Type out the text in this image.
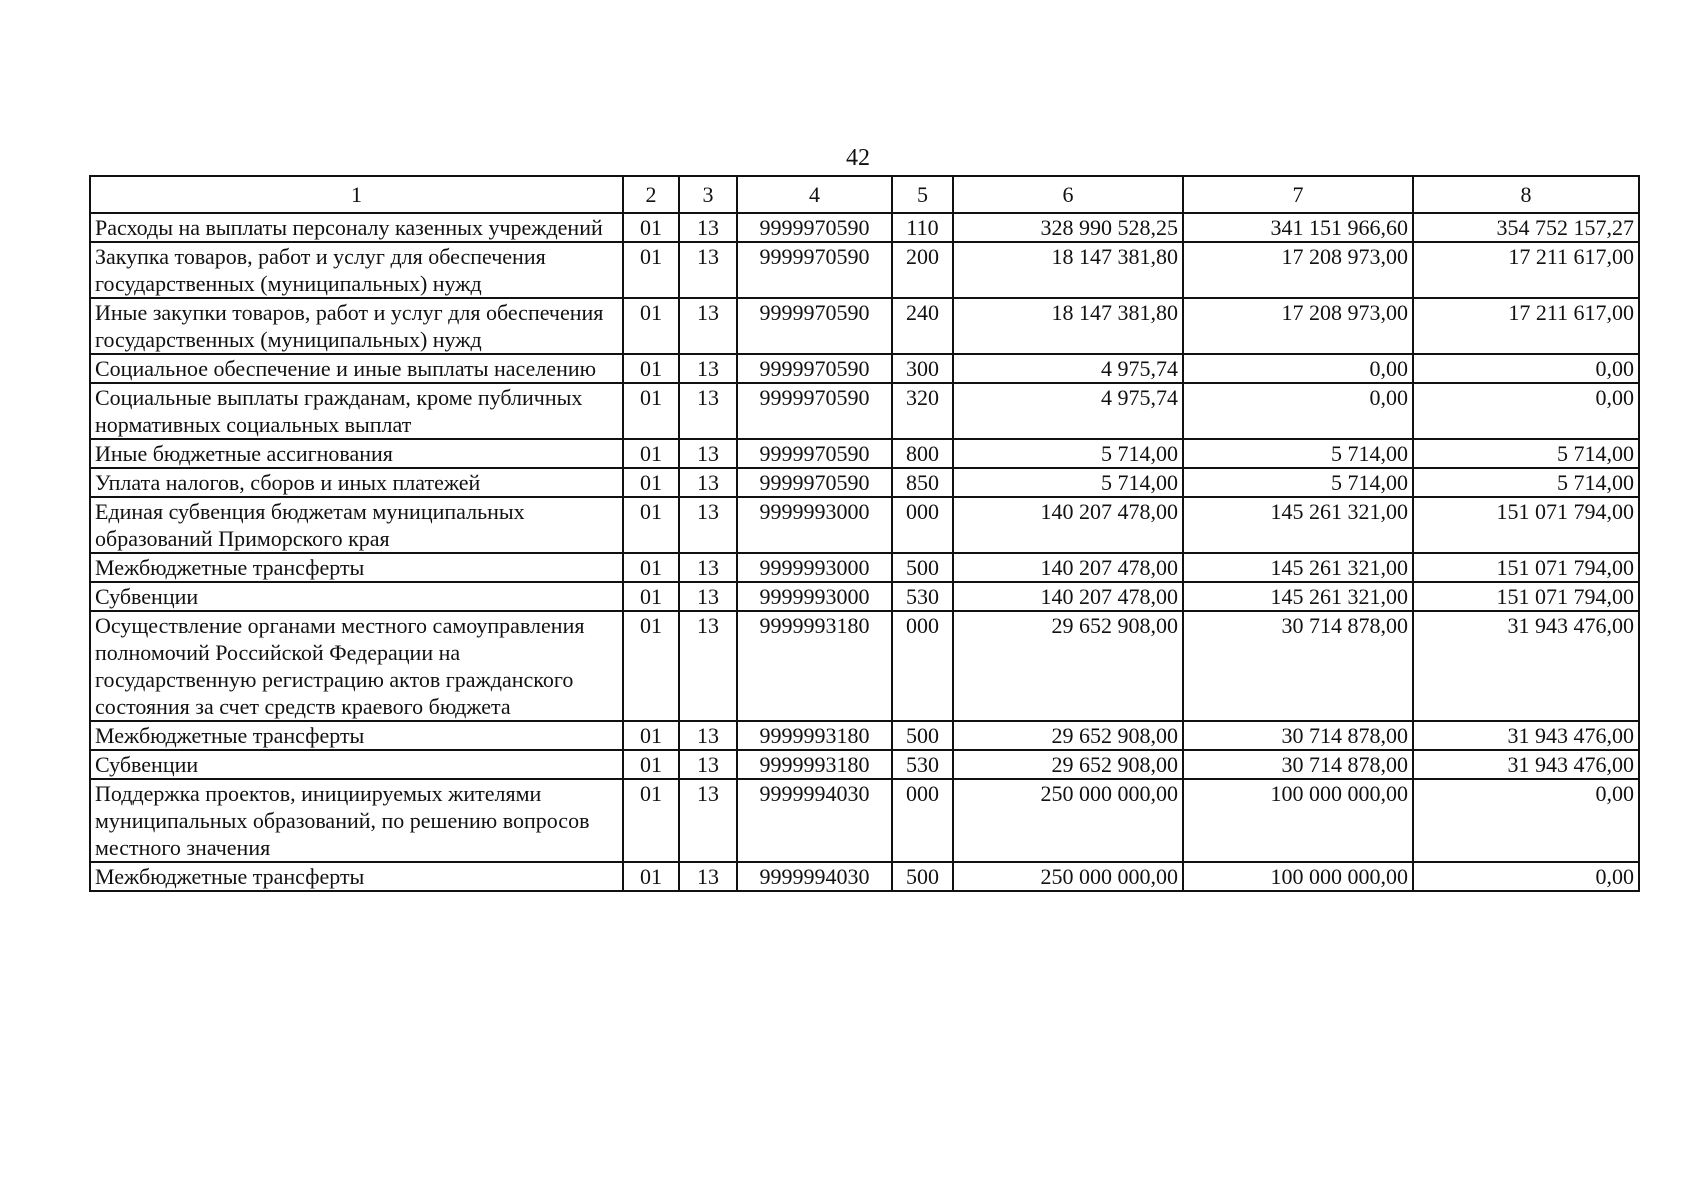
42
1	2	3	4	5	6	7	8
Расходы на выплаты персоналу казенных учреждений	01	13	9999970590	110	328 990 528,25	341 151 966,60	354 752 157,27
Закупка товаров, работ и услуг для обеспечения государственных (муниципальных) нужд	01	13	9999970590	200	18 147 381,80	17 208 973,00	17 211 617,00
Иные закупки товаров, работ и услуг для обеспечения государственных (муниципальных) нужд	01	13	9999970590	240	18 147 381,80	17 208 973,00	17 211 617,00
Социальное обеспечение и иные выплаты населению	01	13	9999970590	300	4 975,74	0,00	0,00
Социальные выплаты гражданам, кроме публичных нормативных социальных выплат	01	13	9999970590	320	4 975,74	0,00	0,00
Иные бюджетные ассигнования	01	13	9999970590	800	5 714,00	5 714,00	5 714,00
Уплата налогов, сборов и иных платежей	01	13	9999970590	850	5 714,00	5 714,00	5 714,00
Единая субвенция бюджетам муниципальных образований Приморского края	01	13	9999993000	000	140 207 478,00	145 261 321,00	151 071 794,00
Межбюджетные трансферты	01	13	9999993000	500	140 207 478,00	145 261 321,00	151 071 794,00
Субвенции	01	13	9999993000	530	140 207 478,00	145 261 321,00	151 071 794,00
Осуществление органами местного самоуправления полномочий Российской Федерации на государственную регистрацию актов гражданского состояния за счет средств краевого бюджета	01	13	9999993180	000	29 652 908,00	30 714 878,00	31 943 476,00
Межбюджетные трансферты	01	13	9999993180	500	29 652 908,00	30 714 878,00	31 943 476,00
Субвенции	01	13	9999993180	530	29 652 908,00	30 714 878,00	31 943 476,00
Поддержка проектов, инициируемых жителями муниципальных образований, по решению вопросов местного значения	01	13	9999994030	000	250 000 000,00	100 000 000,00	0,00
Межбюджетные трансферты	01	13	9999994030	500	250 000 000,00	100 000 000,00	0,00
